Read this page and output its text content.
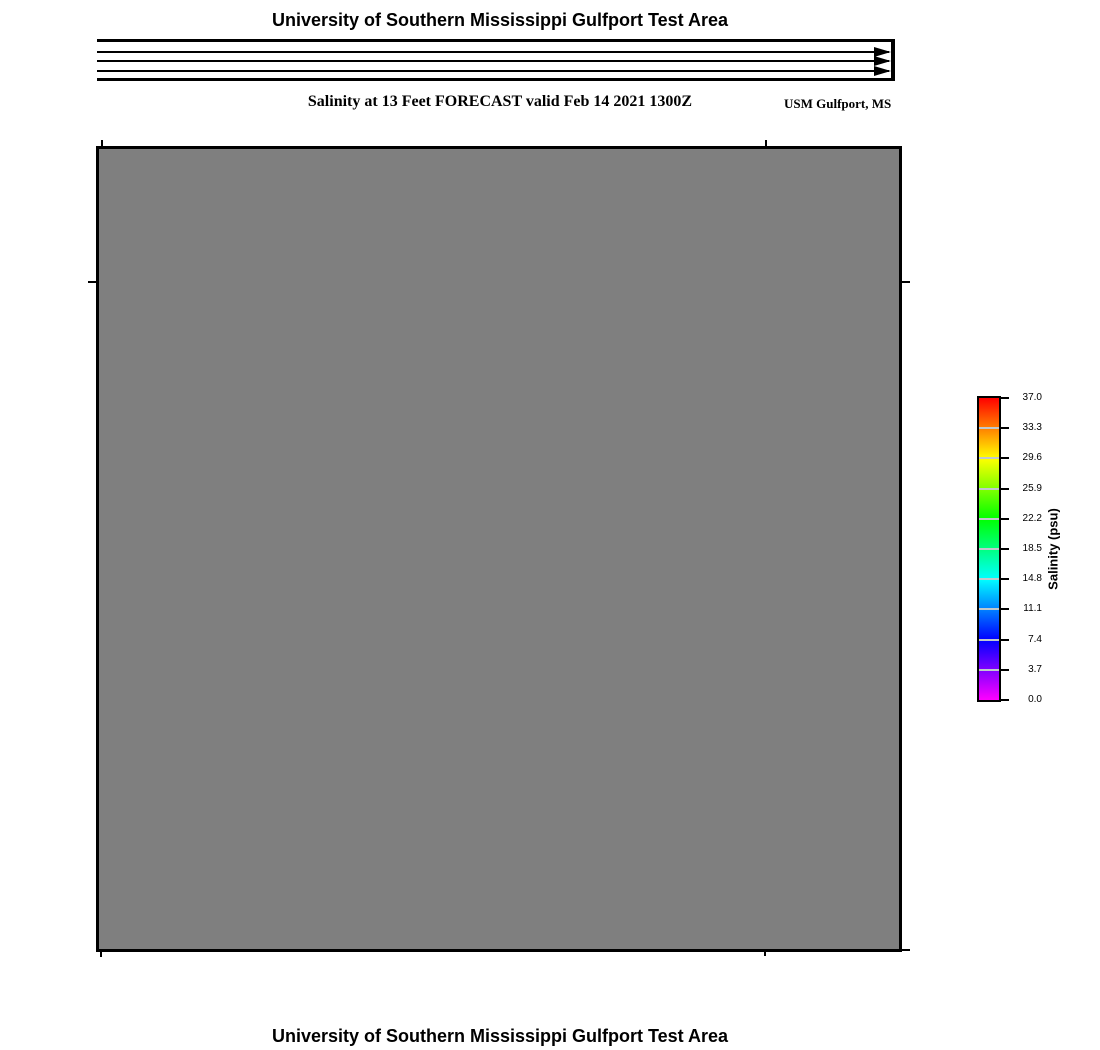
University of Southern Mississippi Gulfport Test Area
Salinity at 13 Feet FORECAST valid Feb 14 2021 1300Z	USM Gulfport, MS
37.0
33.3
29.6
25.9
22.2
18.5
14.8
11.1
7.4
3.7
0.0
Salinity (psu)
University of Southern Mississippi Gulfport Test Area
